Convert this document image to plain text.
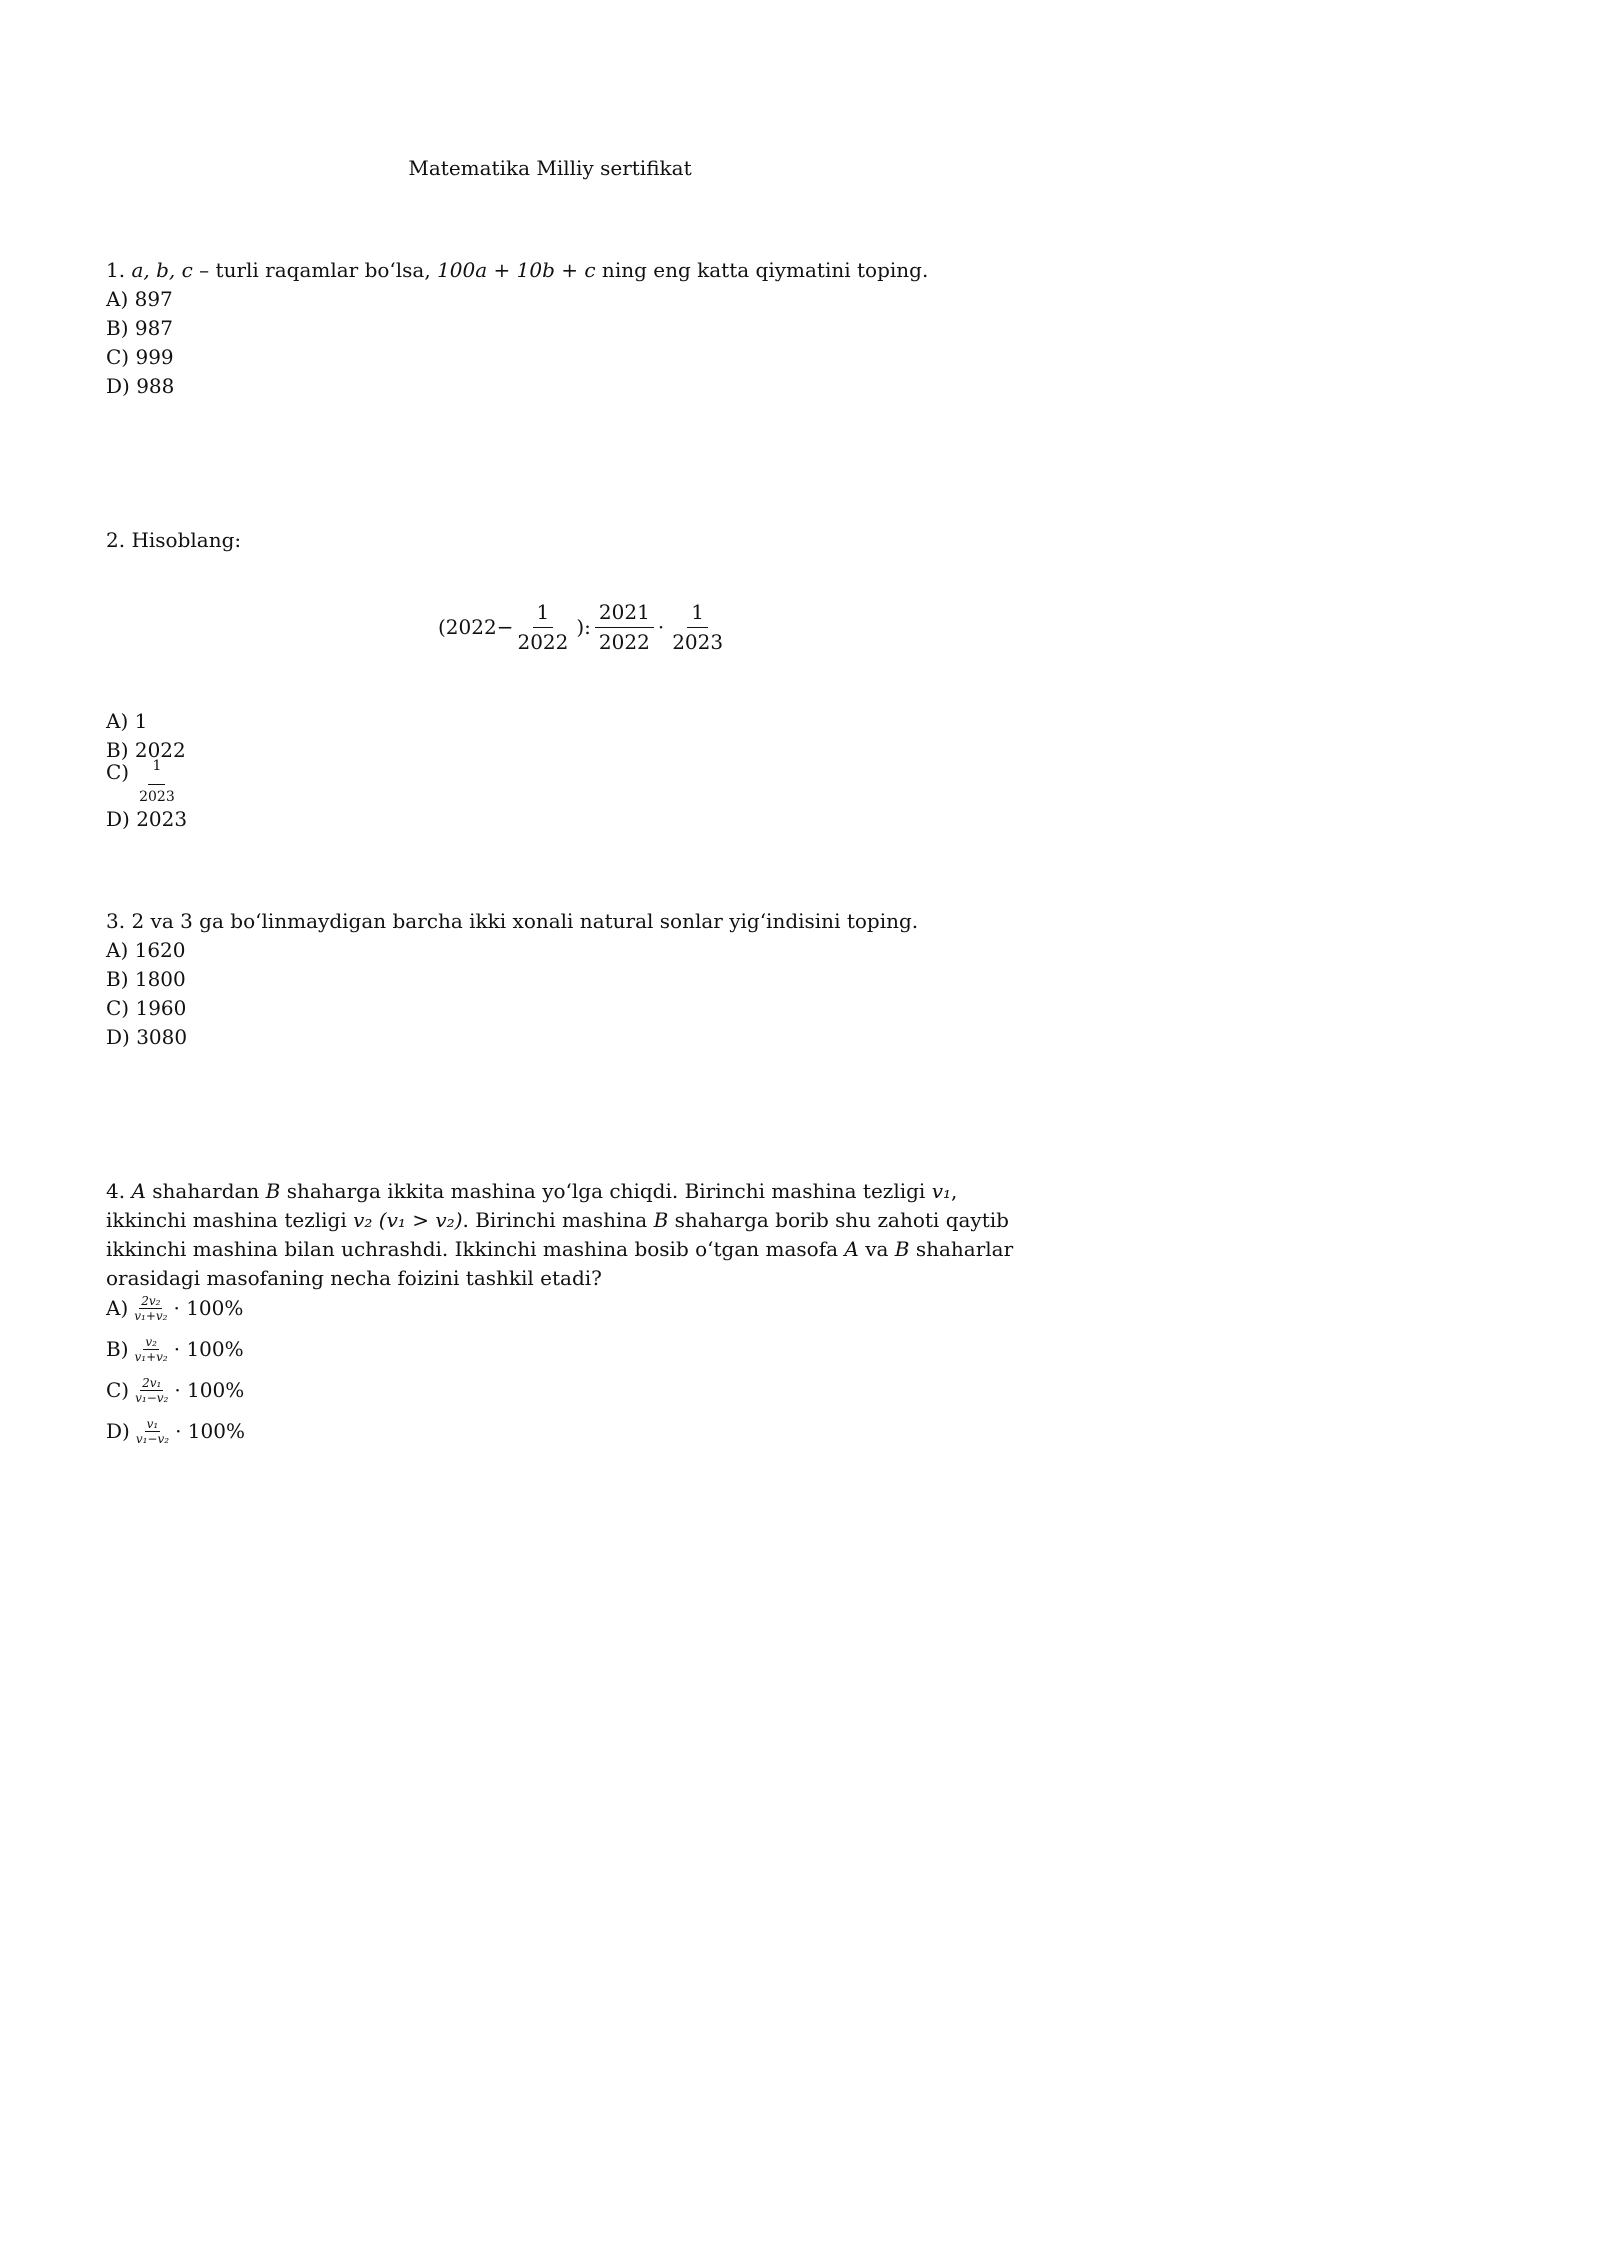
Matematika Milliy sertifikat
1. a, b, c – turli raqamlar bo‘lsa, 100a + 10b + c ning eng katta qiymatini toping.
A) 897
B) 987
C) 999
D) 988
2. Hisoblang:
($2022- \frac{1}{2022}$ ): $\frac{2021}{2022} \cdot \frac{1}{2023}$
A) 1
B) 2022
$C) \frac{1}{2023}$
D) 2023
3. 2 va 3 ga bo‘linmaydigan barcha ikki xonali natural sonlar yig‘indisini toping.
A) 1620
B) 1800
C) 1960
D) 3080
4. A shahardan B shaharga ikkita mashina yo‘lga chiqdi. Birinchi mashina tezligi v₁, ikkinchi mashina tezligi v₂ (v₁ > v₂). Birinchi mashina B shaharga borib shu zahoti qaytib ikkinchi mashina bilan uchrashdi. Ikkinchi mashina bosib o‘tgan masofa A va B shaharlar orasidagi masofaning necha foizini tashkil etadi?
$A) \frac{\text{2v₂}}{\text{v₁+v₂}} \cdot 100\%$
$B) \frac{\text{v₂}}{\text{v₁+v₂}} \cdot 100\%$
$C) \frac{\text{2v₁}}{\text{v₁−v₂}} \cdot 100\%$
$D) \frac{\text{v₁}}{\text{v₁−v₂}} \cdot 100\%$
